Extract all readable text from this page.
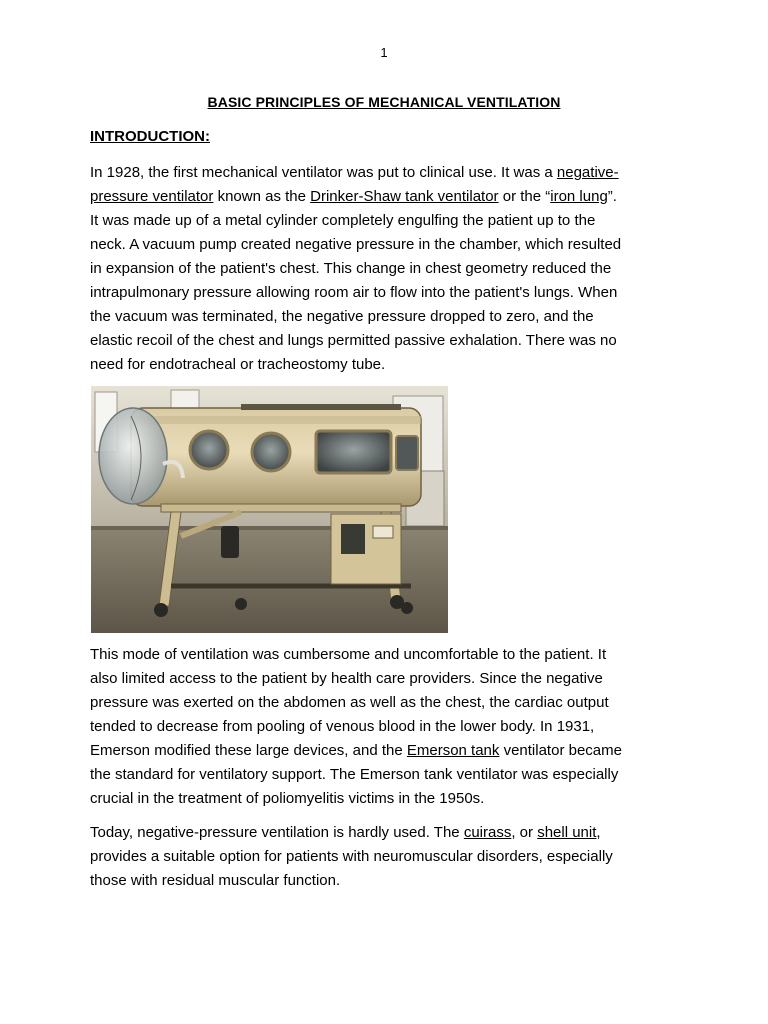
1
BASIC PRINCIPLES OF MECHANICAL VENTILATION
INTRODUCTION:
In 1928, the first mechanical ventilator was put to clinical use. It was a negative-
pressure ventilator known as the Drinker-Shaw tank ventilator or the “iron lung”.
It was made up of a metal cylinder completely engulfing the patient up to the
neck. A vacuum pump created negative pressure in the chamber, which resulted
in expansion of the patient's chest. This change in chest geometry reduced the
intrapulmonary pressure allowing room air to flow into the patient's lungs. When
the vacuum was terminated, the negative pressure dropped to zero, and the
elastic recoil of the chest and lungs permitted passive exhalation. There was no
need for endotracheal or tracheostomy tube.
This mode of ventilation was cumbersome and uncomfortable to the patient. It
also limited access to the patient by health care providers. Since the negative
pressure was exerted on the abdomen as well as the chest, the cardiac output
tended to decrease from pooling of venous blood in the lower body. In 1931,
Emerson modified these large devices, and the Emerson tank ventilator became
the standard for ventilatory support. The Emerson tank ventilator was especially
crucial in the treatment of poliomyelitis victims in the 1950s.
Today, negative-pressure ventilation is hardly used. The cuirass, or shell unit,
provides a suitable option for patients with neuromuscular disorders, especially
those with residual muscular function.
